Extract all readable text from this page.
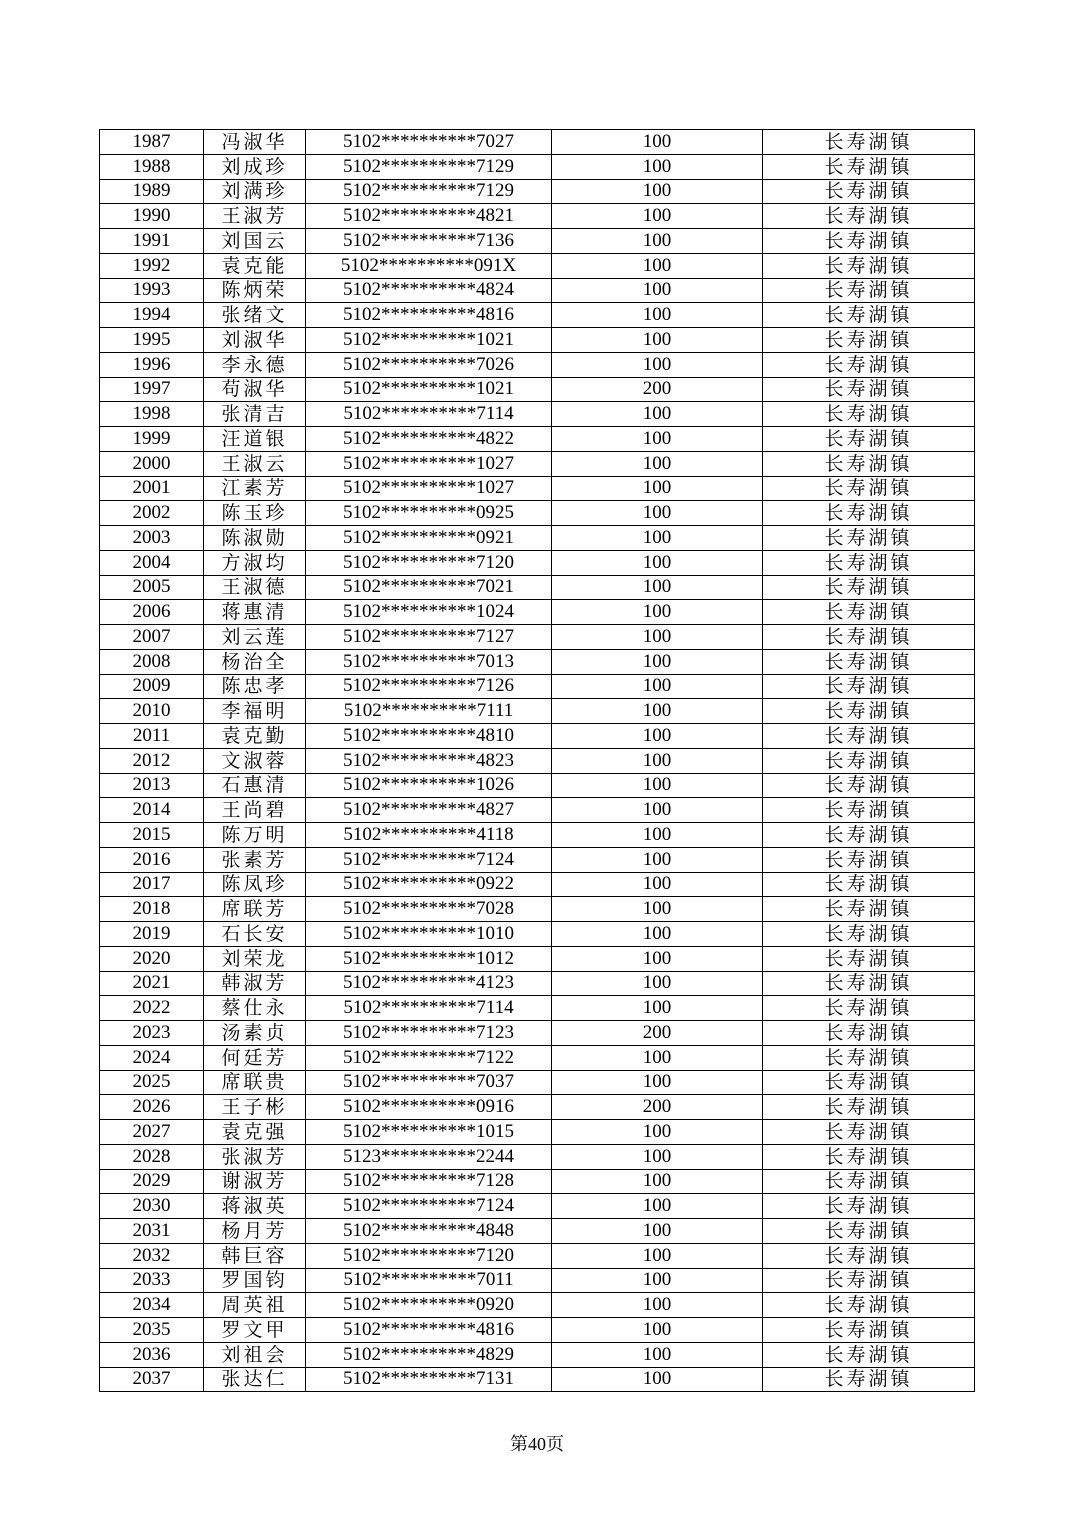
1987	冯淑华	5102**********7027	100	长寿湖镇
1988	刘成珍	5102**********7129	100	长寿湖镇
1989	刘满珍	5102**********7129	100	长寿湖镇
1990	王淑芳	5102**********4821	100	长寿湖镇
1991	刘国云	5102**********7136	100	长寿湖镇
1992	袁克能	5102**********091X	100	长寿湖镇
1993	陈炳荣	5102**********4824	100	长寿湖镇
1994	张绪文	5102**********4816	100	长寿湖镇
1995	刘淑华	5102**********1021	100	长寿湖镇
1996	李永德	5102**********7026	100	长寿湖镇
1997	苟淑华	5102**********1021	200	长寿湖镇
1998	张清吉	5102**********7114	100	长寿湖镇
1999	汪道银	5102**********4822	100	长寿湖镇
2000	王淑云	5102**********1027	100	长寿湖镇
2001	江素芳	5102**********1027	100	长寿湖镇
2002	陈玉珍	5102**********0925	100	长寿湖镇
2003	陈淑勋	5102**********0921	100	长寿湖镇
2004	方淑均	5102**********7120	100	长寿湖镇
2005	王淑德	5102**********7021	100	长寿湖镇
2006	蒋惠清	5102**********1024	100	长寿湖镇
2007	刘云莲	5102**********7127	100	长寿湖镇
2008	杨治全	5102**********7013	100	长寿湖镇
2009	陈忠孝	5102**********7126	100	长寿湖镇
2010	李福明	5102**********7111	100	长寿湖镇
2011	袁克勤	5102**********4810	100	长寿湖镇
2012	文淑蓉	5102**********4823	100	长寿湖镇
2013	石惠清	5102**********1026	100	长寿湖镇
2014	王尚碧	5102**********4827	100	长寿湖镇
2015	陈万明	5102**********4118	100	长寿湖镇
2016	张素芳	5102**********7124	100	长寿湖镇
2017	陈凤珍	5102**********0922	100	长寿湖镇
2018	席联芳	5102**********7028	100	长寿湖镇
2019	石长安	5102**********1010	100	长寿湖镇
2020	刘荣龙	5102**********1012	100	长寿湖镇
2021	韩淑芳	5102**********4123	100	长寿湖镇
2022	蔡仕永	5102**********7114	100	长寿湖镇
2023	汤素贞	5102**********7123	200	长寿湖镇
2024	何廷芳	5102**********7122	100	长寿湖镇
2025	席联贵	5102**********7037	100	长寿湖镇
2026	王子彬	5102**********0916	200	长寿湖镇
2027	袁克强	5102**********1015	100	长寿湖镇
2028	张淑芳	5123**********2244	100	长寿湖镇
2029	谢淑芳	5102**********7128	100	长寿湖镇
2030	蒋淑英	5102**********7124	100	长寿湖镇
2031	杨月芳	5102**********4848	100	长寿湖镇
2032	韩巨容	5102**********7120	100	长寿湖镇
2033	罗国钧	5102**********7011	100	长寿湖镇
2034	周英祖	5102**********0920	100	长寿湖镇
2035	罗文甲	5102**********4816	100	长寿湖镇
2036	刘祖会	5102**********4829	100	长寿湖镇
2037	张达仁	5102**********7131	100	长寿湖镇
第40页
